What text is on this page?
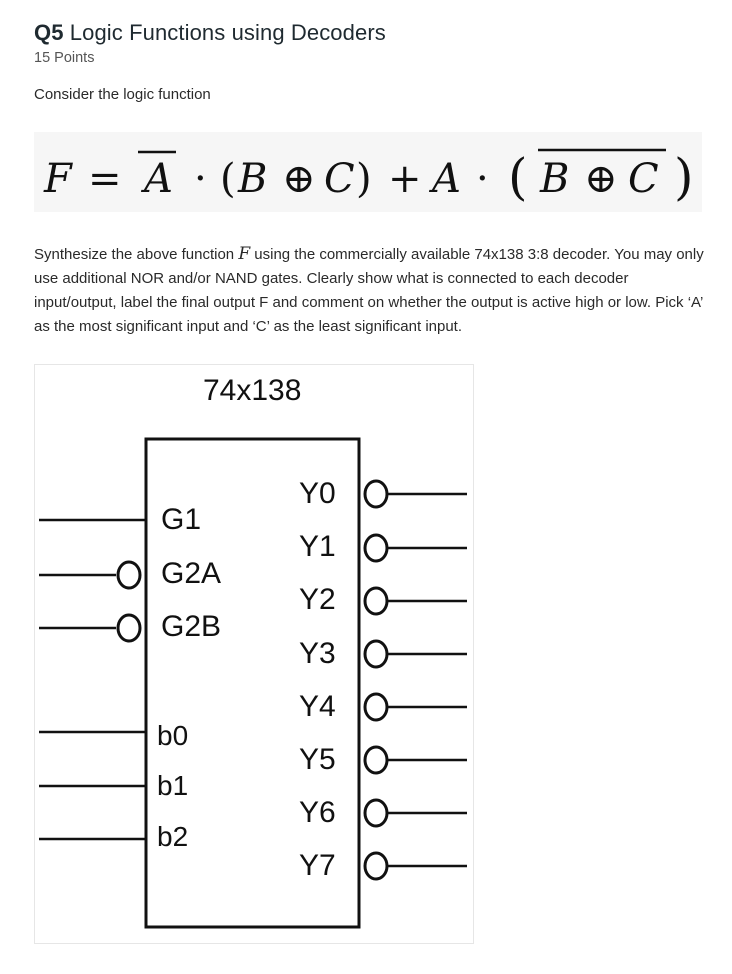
Q5 Logic Functions using Decoders
15 Points
Consider the logic function
F = A · ( B ⊕ C ) + A · ( B ⊕ C )
Synthesize the above function F using the commercially available 74x138 3:8 decoder. You may only use additional NOR and/or NAND gates. Clearly show what is connected to each decoder input/output, label the final output F and comment on whether the output is active high or low. Pick ‘A’ as the most significant input and ‘C’ as the least significant input.
74x138
G1
G2A
G2B
b0
b1
b2
Y0
Y1
Y2
Y3
Y4
Y5
Y6
Y7
